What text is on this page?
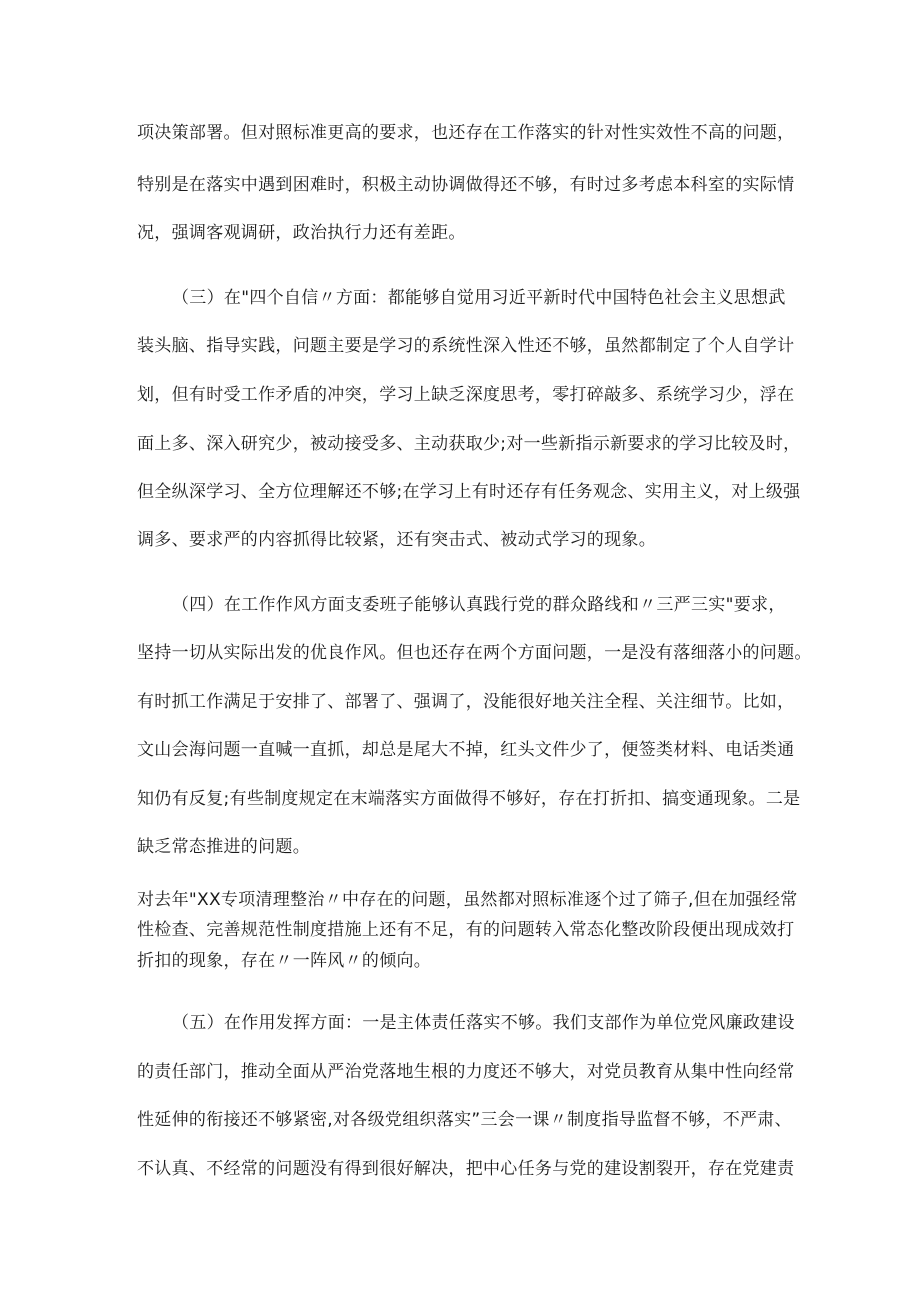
项决策部署。但对照标准更高的要求，也还存在工作落实的针对性实效性不高的问题，

特别是在落实中遇到困难时，积极主动协调做得还不够，有时过多考虑本科室的实际情

况，强调客观调研，政治执行力还有差距。

（三）在"四个自信〃方面：都能够自觉用习近平新时代中国特色社会主义思想武

装头脑、指导实践，问题主要是学习的系统性深入性还不够，虽然都制定了个人自学计

划，但有时受工作矛盾的冲突，学习上缺乏深度思考，零打碎敲多、系统学习少，浮在

面上多、深入研究少，被动接受多、主动获取少;对一些新指示新要求的学习比较及时，

但全纵深学习、全方位理解还不够;在学习上有时还存有任务观念、实用主义，对上级强

调多、要求严的内容抓得比较紧，还有突击式、被动式学习的现象。

（四）在工作作风方面支委班子能够认真践行党的群众路线和〃三严三实"要求，

坚持一切从实际出发的优良作风。但也还存在两个方面问题，一是没有落细落小的问题。

有时抓工作满足于安排了、部署了、强调了，没能很好地关注全程、关注细节。比如，

文山会海问题一直喊一直抓，却总是尾大不掉，红头文件少了，便签类材料、电话类通

知仍有反复;有些制度规定在末端落实方面做得不够好，存在打折扣、搞变通现象。二是

缺乏常态推进的问题。

对去年"XX专项清理整治〃中存在的问题，虽然都对照标准逐个过了筛子,但在加强经常

性检查、完善规范性制度措施上还有不足，有的问题转入常态化整改阶段便出现成效打

折扣的现象，存在〃一阵风〃的倾向。

（五）在作用发挥方面：一是主体责任落实不够。我们支部作为单位党风廉政建设

的责任部门，推动全面从严治党落地生根的力度还不够大，对党员教育从集中性向经常

性延伸的衔接还不够紧密,对各级党组织落实”三会一课〃制度指导监督不够，不严肃、

不认真、不经常的问题没有得到很好解决，把中心任务与党的建设割裂开，存在党建责
